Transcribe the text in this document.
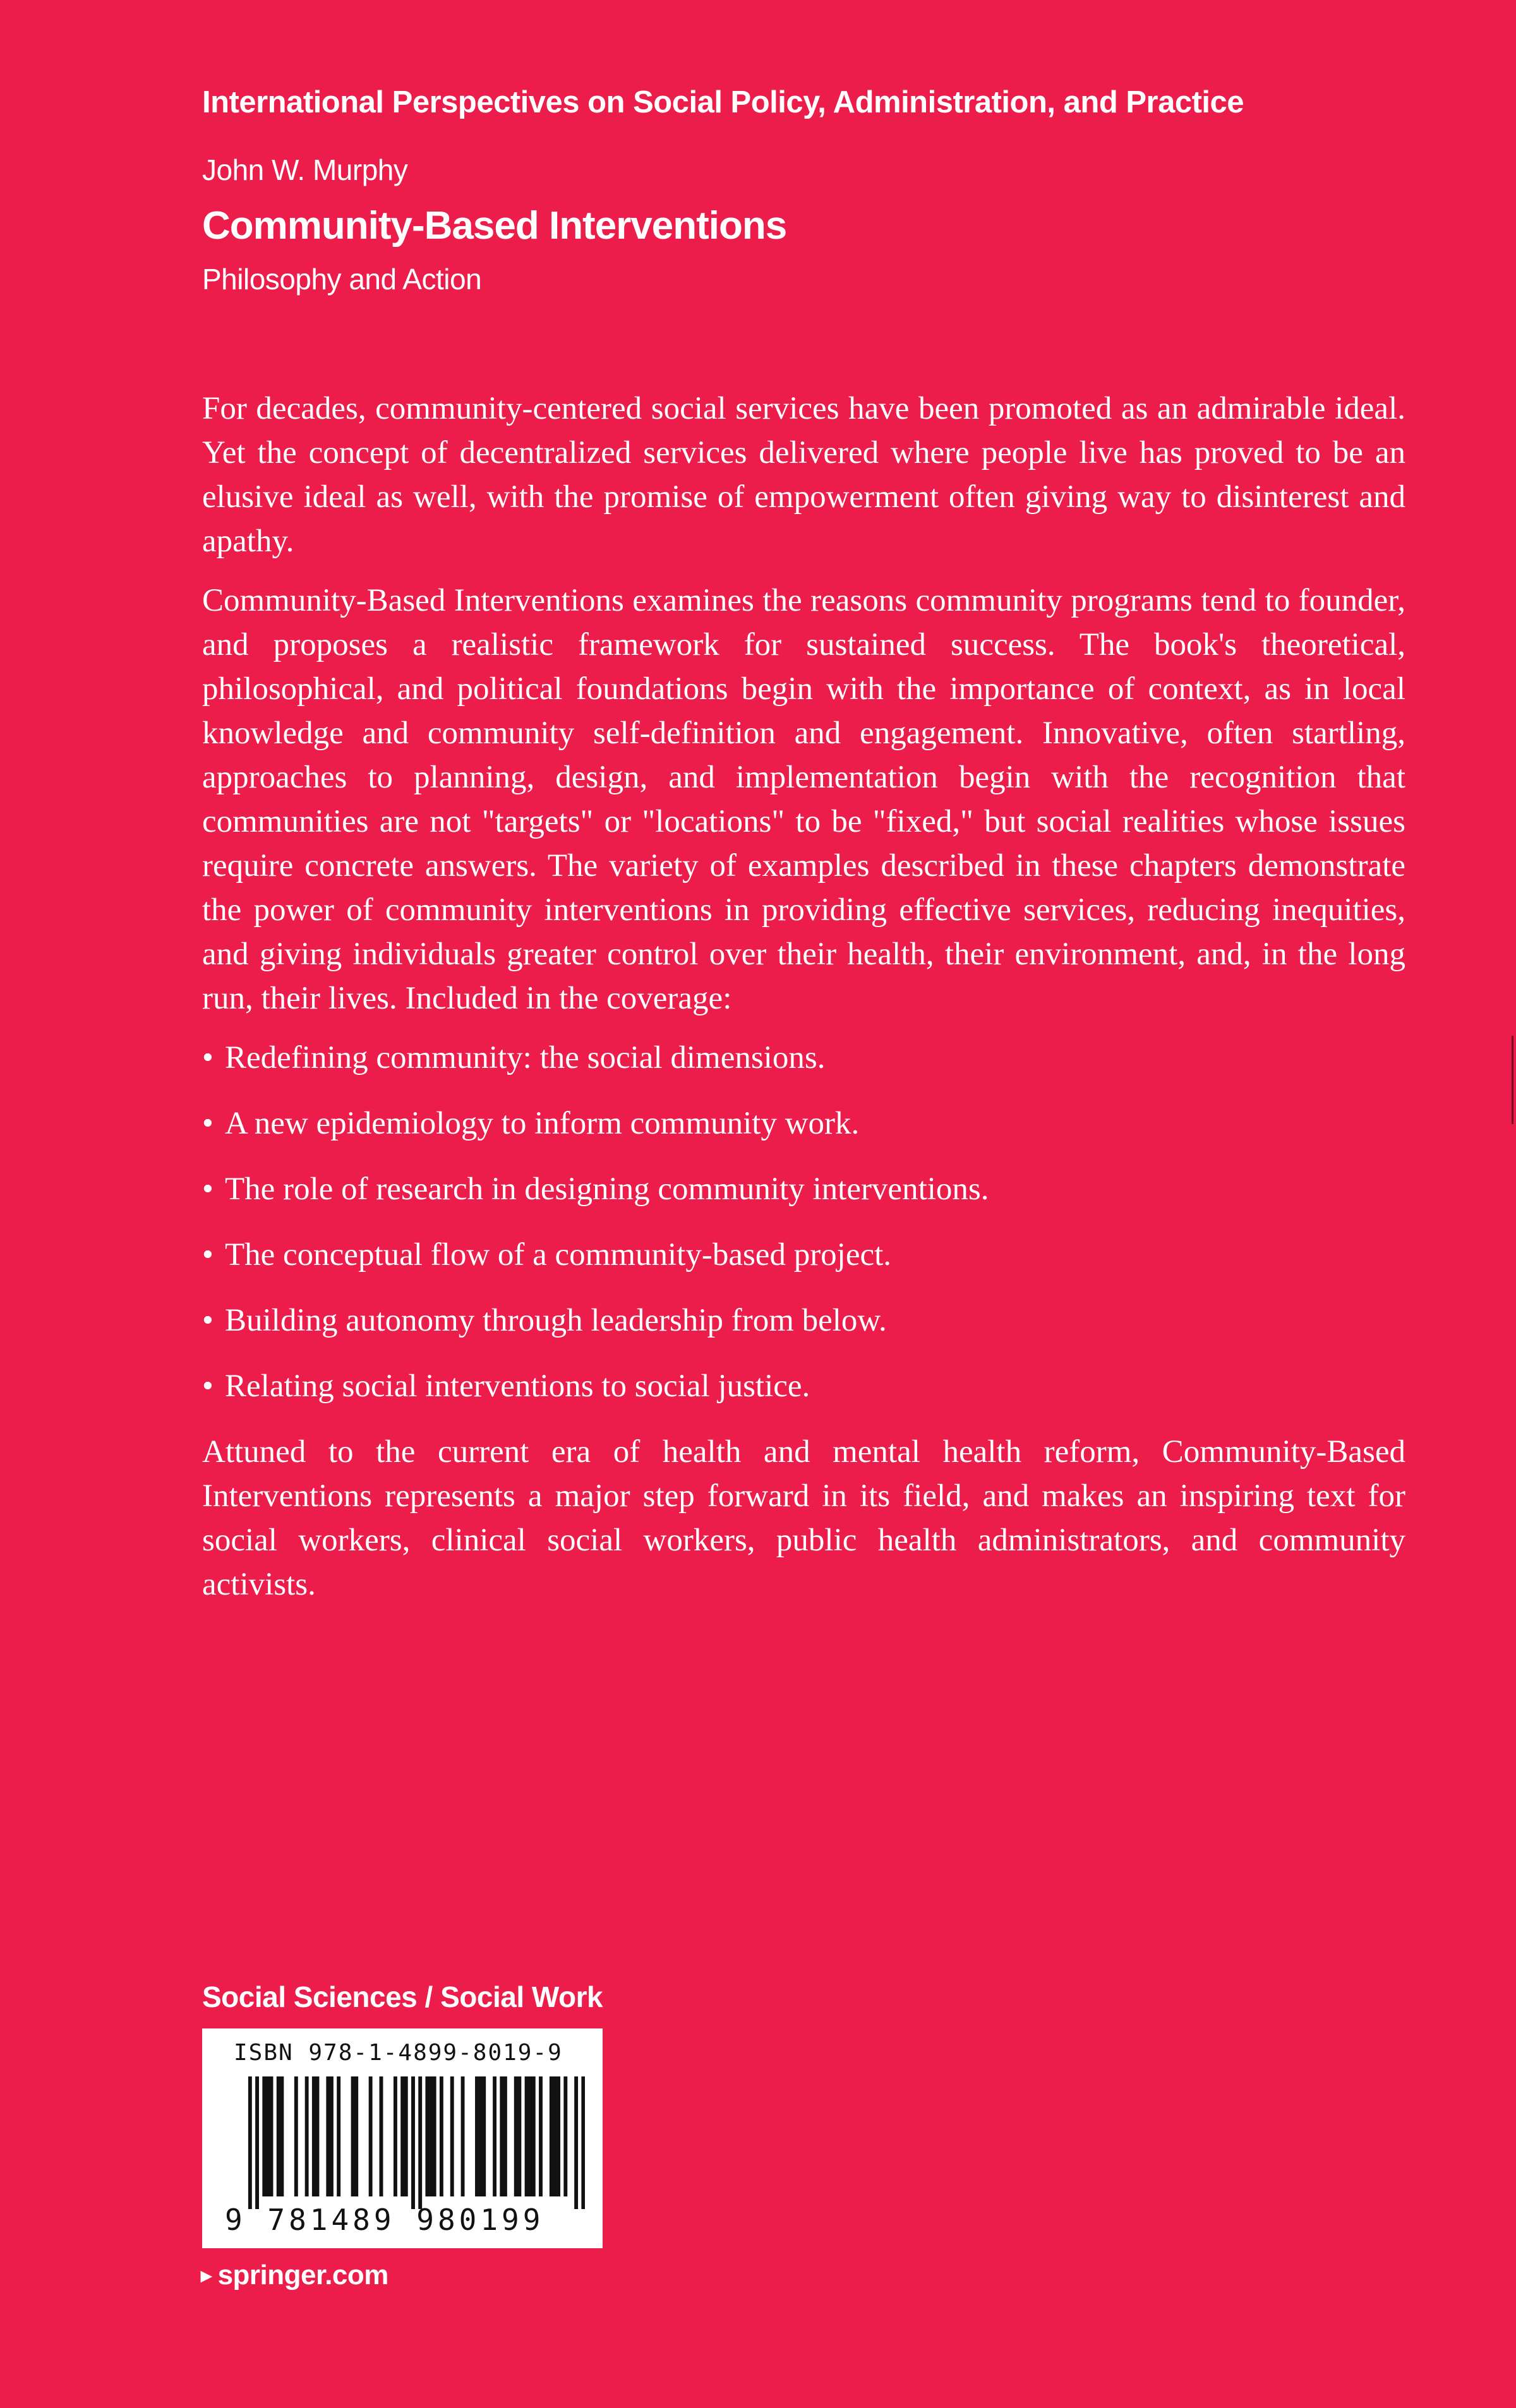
International Perspectives on Social Policy, Administration, and Practice
John W. Murphy
Community-Based Interventions
Philosophy and Action

For decades, community-centered social services have been promoted as an admirable ideal. Yet the concept of decentralized services delivered where people live has proved to be an elusive ideal as well, with the promise of empowerment often giving way to disinterest and apathy.

Community-Based Interventions examines the reasons community programs tend to founder, and proposes a realistic framework for sustained success. The book's theoretical, philosophical, and political foundations begin with the importance of context, as in local knowledge and community self-definition and engagement. Innovative, often startling, approaches to planning, design, and implementation begin with the recognition that communities are not "targets" or "locations" to be "fixed," but social realities whose issues require concrete answers. The variety of examples described in these chapters demonstrate the power of community interventions in providing effective services, reducing inequities, and giving individuals greater control over their health, their environment, and, in the long run, their lives. Included in the coverage:

• Redefining community: the social dimensions.
• A new epidemiology to inform community work.
• The role of research in designing community interventions.
• The conceptual flow of a community-based project.
• Building autonomy through leadership from below.
• Relating social interventions to social justice.

Attuned to the current era of health and mental health reform, Community-Based Interventions represents a major step forward in its field, and makes an inspiring text for social workers, clinical social workers, public health administrators, and community activists.

Social Sciences / Social Work
ISBN 978-1-4899-8019-9
9 781489 980199
▸ springer.com
